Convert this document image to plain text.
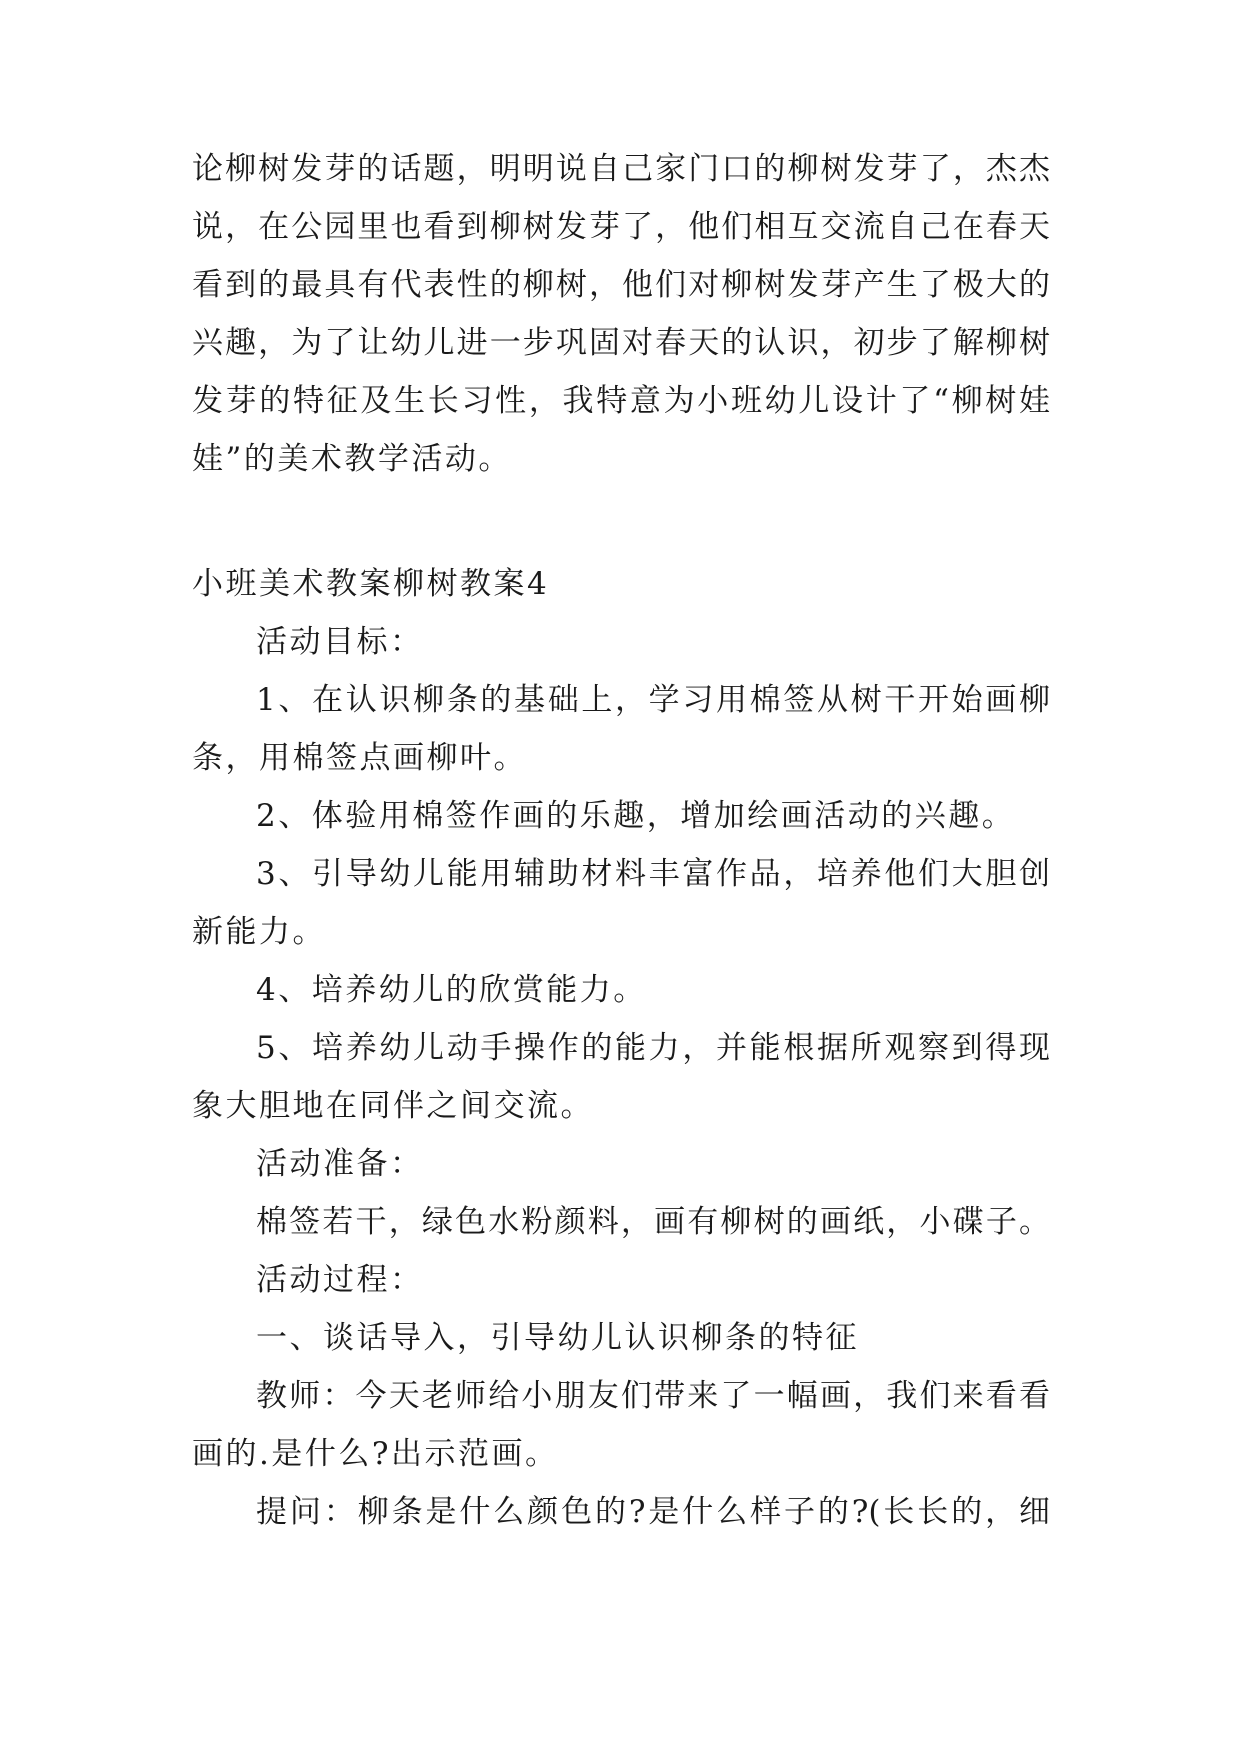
论柳树发芽的话题，明明说自己家门口的柳树发芽了，杰杰
说，在公园里也看到柳树发芽了，他们相互交流自己在春天
看到的最具有代表性的柳树，他们对柳树发芽产生了极大的
兴趣，为了让幼儿进一步巩固对春天的认识，初步了解柳树
发芽的特征及生长习性，我特意为小班幼儿设计了“柳树娃
娃”的美术教学活动。
小班美术教案柳树教案4
活动目标：
1、在认识柳条的基础上，学习用棉签从树干开始画柳
条，用棉签点画柳叶。
2、体验用棉签作画的乐趣，增加绘画活动的兴趣。
3、引导幼儿能用辅助材料丰富作品，培养他们大胆创
新能力。
4、培养幼儿的欣赏能力。
5、培养幼儿动手操作的能力，并能根据所观察到得现
象大胆地在同伴之间交流。
活动准备：
棉签若干，绿色水粉颜料，画有柳树的画纸，小碟子。
活动过程：
一、谈话导入，引导幼儿认识柳条的特征
教师：今天老师给小朋友们带来了一幅画，我们来看看
画的.是什么?出示范画。
提问：柳条是什么颜色的?是什么样子的?(长长的，细
